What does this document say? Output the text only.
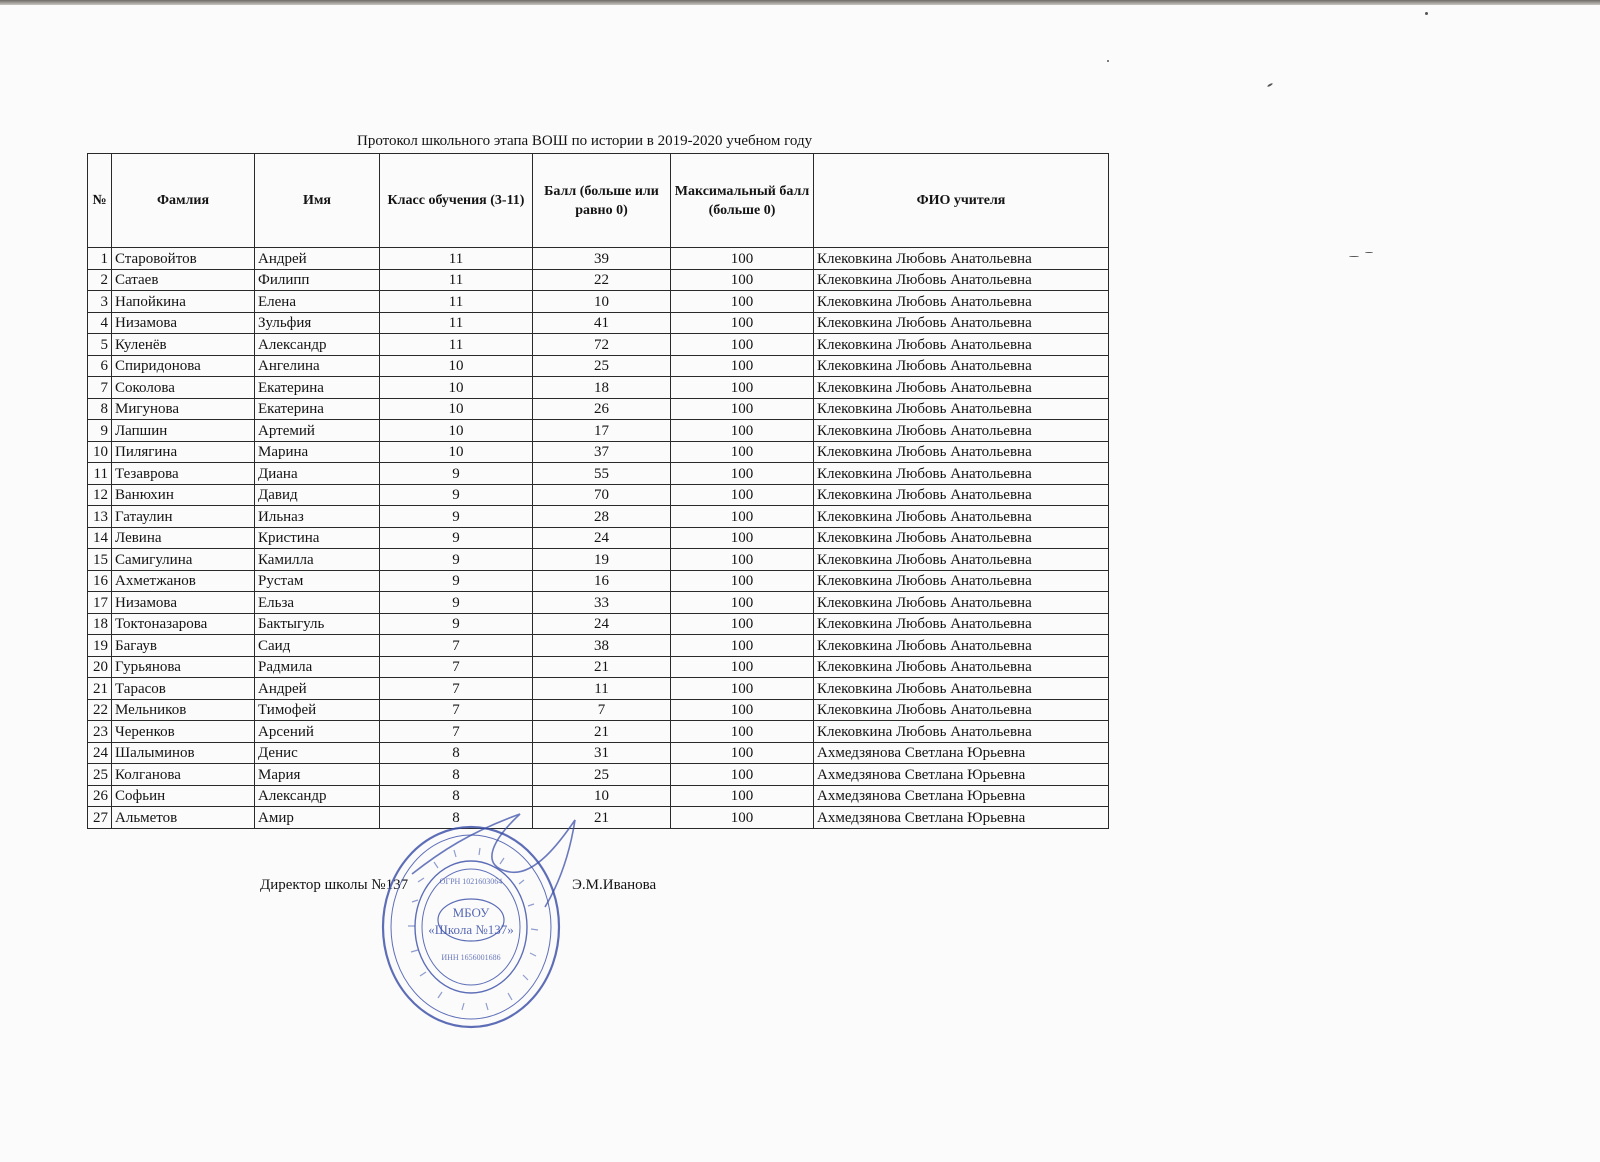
Протокол школьного этапа ВОШ по истории в 2019-2020 учебном году
№	Фамлия	Имя	Класс обучения (3-11)	Балл (больше или равно 0)	Максимальный балл (больше 0)	ФИО учителя
1	Старовойтов	Андрей	11	39	100	Клековкина Любовь Анатольевна
2	Сатаев	Филипп	11	22	100	Клековкина Любовь Анатольевна
3	Напойкина	Елена	11	10	100	Клековкина Любовь Анатольевна
4	Низамова	Зульфия	11	41	100	Клековкина Любовь Анатольевна
5	Куленёв	Александр	11	72	100	Клековкина Любовь Анатольевна
6	Спиридонова	Ангелина	10	25	100	Клековкина Любовь Анатольевна
7	Соколова	Екатерина	10	18	100	Клековкина Любовь Анатольевна
8	Мигунова	Екатерина	10	26	100	Клековкина Любовь Анатольевна
9	Лапшин	Артемий	10	17	100	Клековкина Любовь Анатольевна
10	Пилягина	Марина	10	37	100	Клековкина Любовь Анатольевна
11	Тезаврова	Диана	9	55	100	Клековкина Любовь Анатольевна
12	Ванюхин	Давид	9	70	100	Клековкина Любовь Анатольевна
13	Гатаулин	Ильназ	9	28	100	Клековкина Любовь Анатольевна
14	Левина	Кристина	9	24	100	Клековкина Любовь Анатольевна
15	Самигулина	Камилла	9	19	100	Клековкина Любовь Анатольевна
16	Ахметжанов	Рустам	9	16	100	Клековкина Любовь Анатольевна
17	Низамова	Ельза	9	33	100	Клековкина Любовь Анатольевна
18	Токтоназарова	Бактыгуль	9	24	100	Клековкина Любовь Анатольевна
19	Багаув	Саид	7	38	100	Клековкина Любовь Анатольевна
20	Гурьянова	Радмила	7	21	100	Клековкина Любовь Анатольевна
21	Тарасов	Андрей	7	11	100	Клековкина Любовь Анатольевна
22	Мельников	Тимофей	7	7	100	Клековкина Любовь Анатольевна
23	Черенков	Арсений	7	21	100	Клековкина Любовь Анатольевна
24	Шалыминов	Денис	8	31	100	Ахмедзянова Светлана Юрьевна
25	Колганова	Мария	8	25	100	Ахмедзянова Светлана Юрьевна
26	Софьин	Александр	8	10	100	Ахмедзянова Светлана Юрьевна
27	Альметов	Амир	8	21	100	Ахмедзянова Светлана Юрьевна
Директор школы №137	Э.М.Иванова
МБОУ
«Школа №137»
ИНН 1656001686
ОГРН 1021603064
